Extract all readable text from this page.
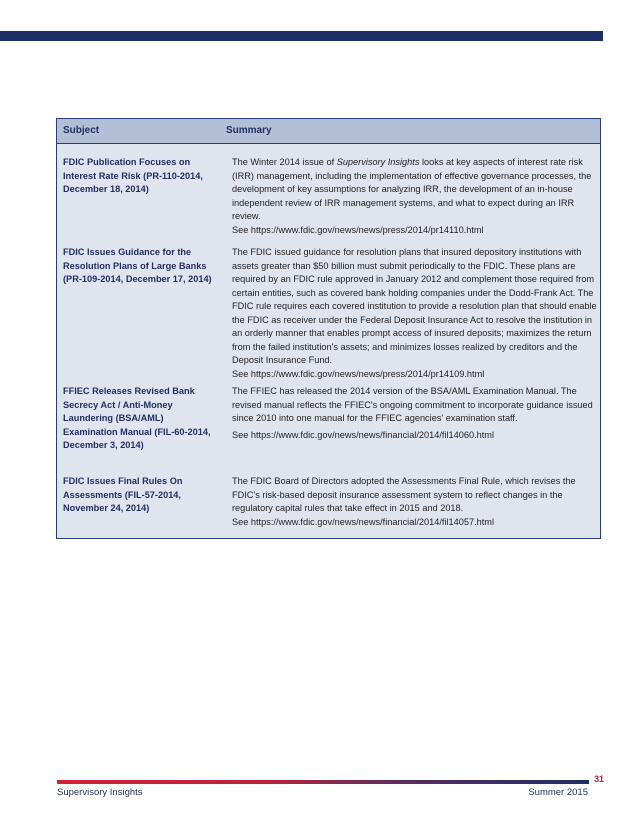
Subject	Summary
FDIC Publication Focuses on Interest Rate Risk (PR-110-2014, December 18, 2014)
The Winter 2014 issue of Supervisory Insights looks at key aspects of interest rate risk (IRR) management, including the implementation of effective governance processes, the development of key assumptions for analyzing IRR, the development of an in-house independent review of IRR management systems, and what to expect during an IRR review.
See https://www.fdic.gov/news/news/press/2014/pr14110.html
FDIC Issues Guidance for the Resolution Plans of Large Banks (PR-109-2014, December 17, 2014)
The FDIC issued guidance for resolution plans that insured depository institutions with assets greater than $50 billion must submit periodically to the FDIC. These plans are required by an FDIC rule approved in January 2012 and complement those required from certain entities, such as covered bank holding companies under the Dodd-Frank Act. The FDIC rule requires each covered institution to provide a resolution plan that should enable the FDIC as receiver under the Federal Deposit Insurance Act to resolve the institution in an orderly manner that enables prompt access of insured deposits; maximizes the return from the failed institution's assets; and minimizes losses realized by creditors and the Deposit Insurance Fund.
See https://www.fdic.gov/news/news/press/2014/pr14109.html
FFIEC Releases Revised Bank Secrecy Act / Anti-Money Laundering (BSA/AML) Examination Manual (FIL-60-2014, December 3, 2014)
The FFIEC has released the 2014 version of the BSA/AML Examination Manual. The revised manual reflects the FFIEC's ongoing commitment to incorporate guidance issued since 2010 into one manual for the FFIEC agencies' examination staff.
See https://www.fdic.gov/news/news/financial/2014/fil14060.html
FDIC Issues Final Rules On Assessments (FIL-57-2014, November 24, 2014)
The FDIC Board of Directors adopted the Assessments Final Rule, which revises the FDIC's risk-based deposit insurance assessment system to reflect changes in the regulatory capital rules that take effect in 2015 and 2018.
See https://www.fdic.gov/news/news/financial/2014/fil14057.html
31
Supervisory Insights	Summer 2015
